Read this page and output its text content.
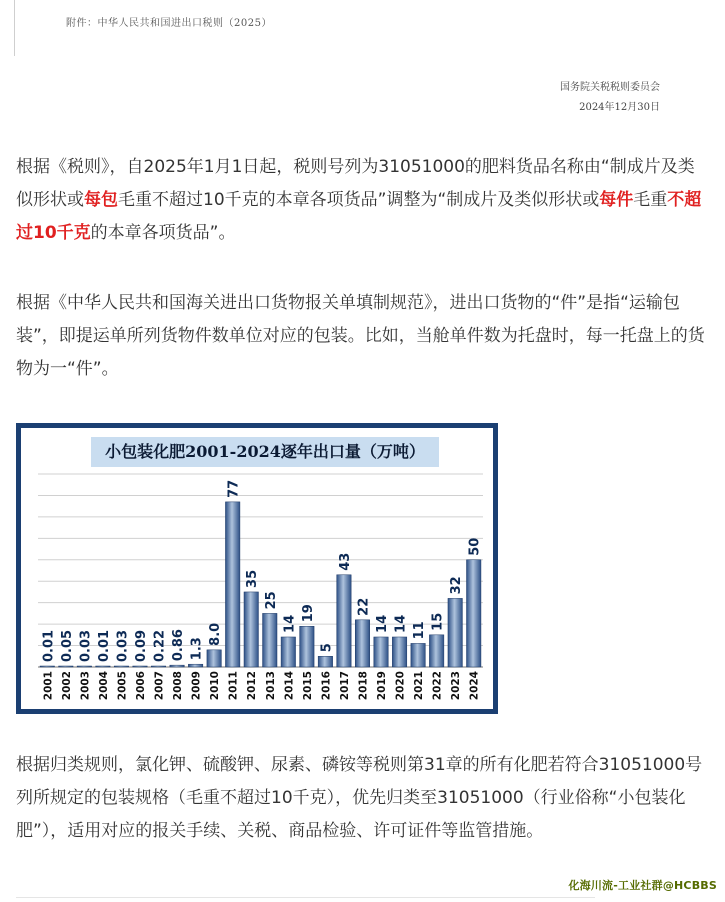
附件：中华人民共和国进出口税则（2025）
国务院关税税则委员会
2024年12月30日

根据《税则》，自2025年1月1日起，税则号列为31051000的肥料货品名称由“制成片及类似形状或每包毛重不超过10千克的本章各项货品”调整为“制成片及类似形状或每件毛重不超过10千克的本章各项货品”。

根据《中华人民共和国海关进出口货物报关单填制规范》，进出口货物的“件”是指“运输包装”，即提运单所列货物件数单位对应的包装。比如，当舱单件数为托盘时，每一托盘上的货物为一“件”。

0.01
2001
0.05
2002
0.03
2003
0.01
2004
0.03
2005
0.09
2006
0.22
2007
0.86
2008
1.3
2009
8.0
2010
77
2011
35
2012
25
2013
14
2014
19
2015
5
2016
43
2017
22
2018
14
2019
14
2020
11
2021
15
2022
32
2023
50
2024
小包装化肥2001-2024逐年出口量（万吨）

根据归类规则，氯化钾、硫酸钾、尿素、磷铵等税则第31章的所有化肥若符合31051000号列所规定的包装规格（毛重不超过10千克），优先归类至31051000（行业俗称“小包装化肥”），适用对应的报关手续、关税、商品检验、许可证件等监管措施。

化海川流-工业社群@HCBBS
